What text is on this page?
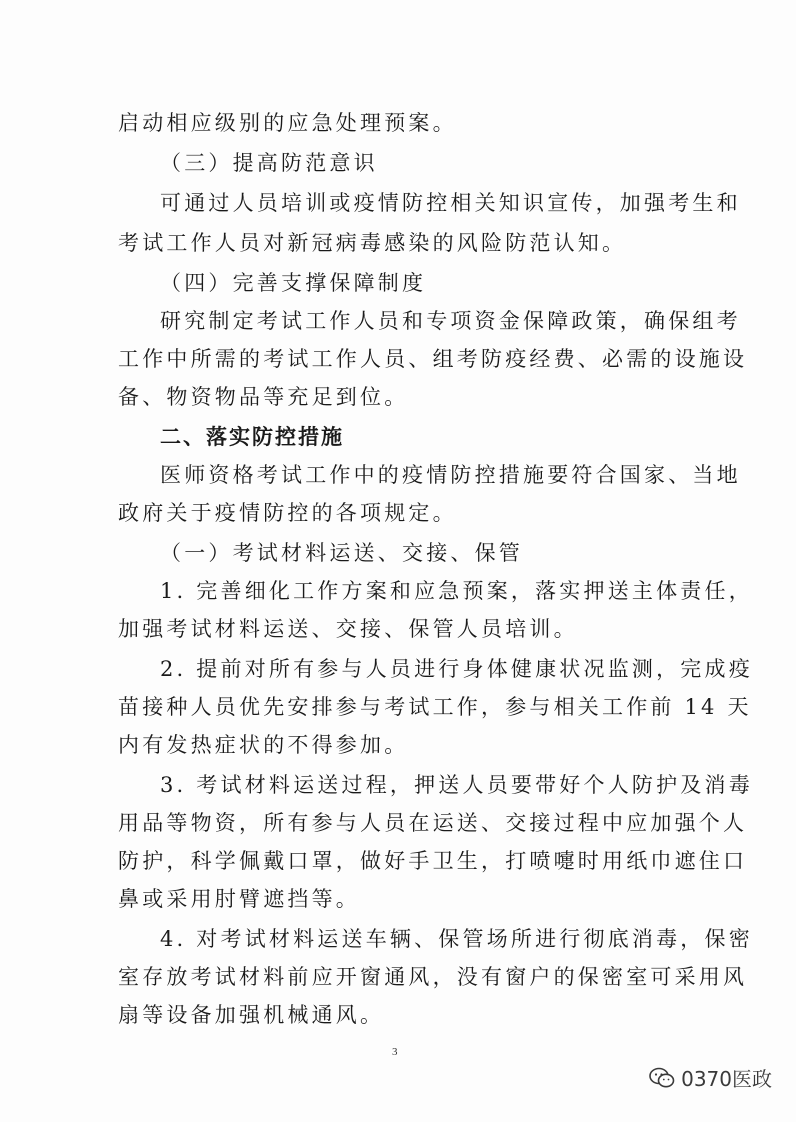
启动相应级别的应急处理预案。
（三）提高防范意识
可通过人员培训或疫情防控相关知识宣传，加强考生和
考试工作人员对新冠病毒感染的风险防范认知。
（四）完善支撑保障制度
研究制定考试工作人员和专项资金保障政策，确保组考
工作中所需的考试工作人员、组考防疫经费、必需的设施设
备、物资物品等充足到位。
二、落实防控措施
医师资格考试工作中的疫情防控措施要符合国家、当地
政府关于疫情防控的各项规定。
（一）考试材料运送、交接、保管
1. 完善细化工作方案和应急预案，落实押送主体责任，
加强考试材料运送、交接、保管人员培训。
2. 提前对所有参与人员进行身体健康状况监测，完成疫
苗接种人员优先安排参与考试工作，参与相关工作前 14 天
内有发热症状的不得参加。
3. 考试材料运送过程，押送人员要带好个人防护及消毒
用品等物资，所有参与人员在运送、交接过程中应加强个人
防护，科学佩戴口罩，做好手卫生，打喷嚏时用纸巾遮住口
鼻或采用肘臂遮挡等。
4. 对考试材料运送车辆、保管场所进行彻底消毒，保密
室存放考试材料前应开窗通风，没有窗户的保密室可采用风
扇等设备加强机械通风。
3
0370医政
